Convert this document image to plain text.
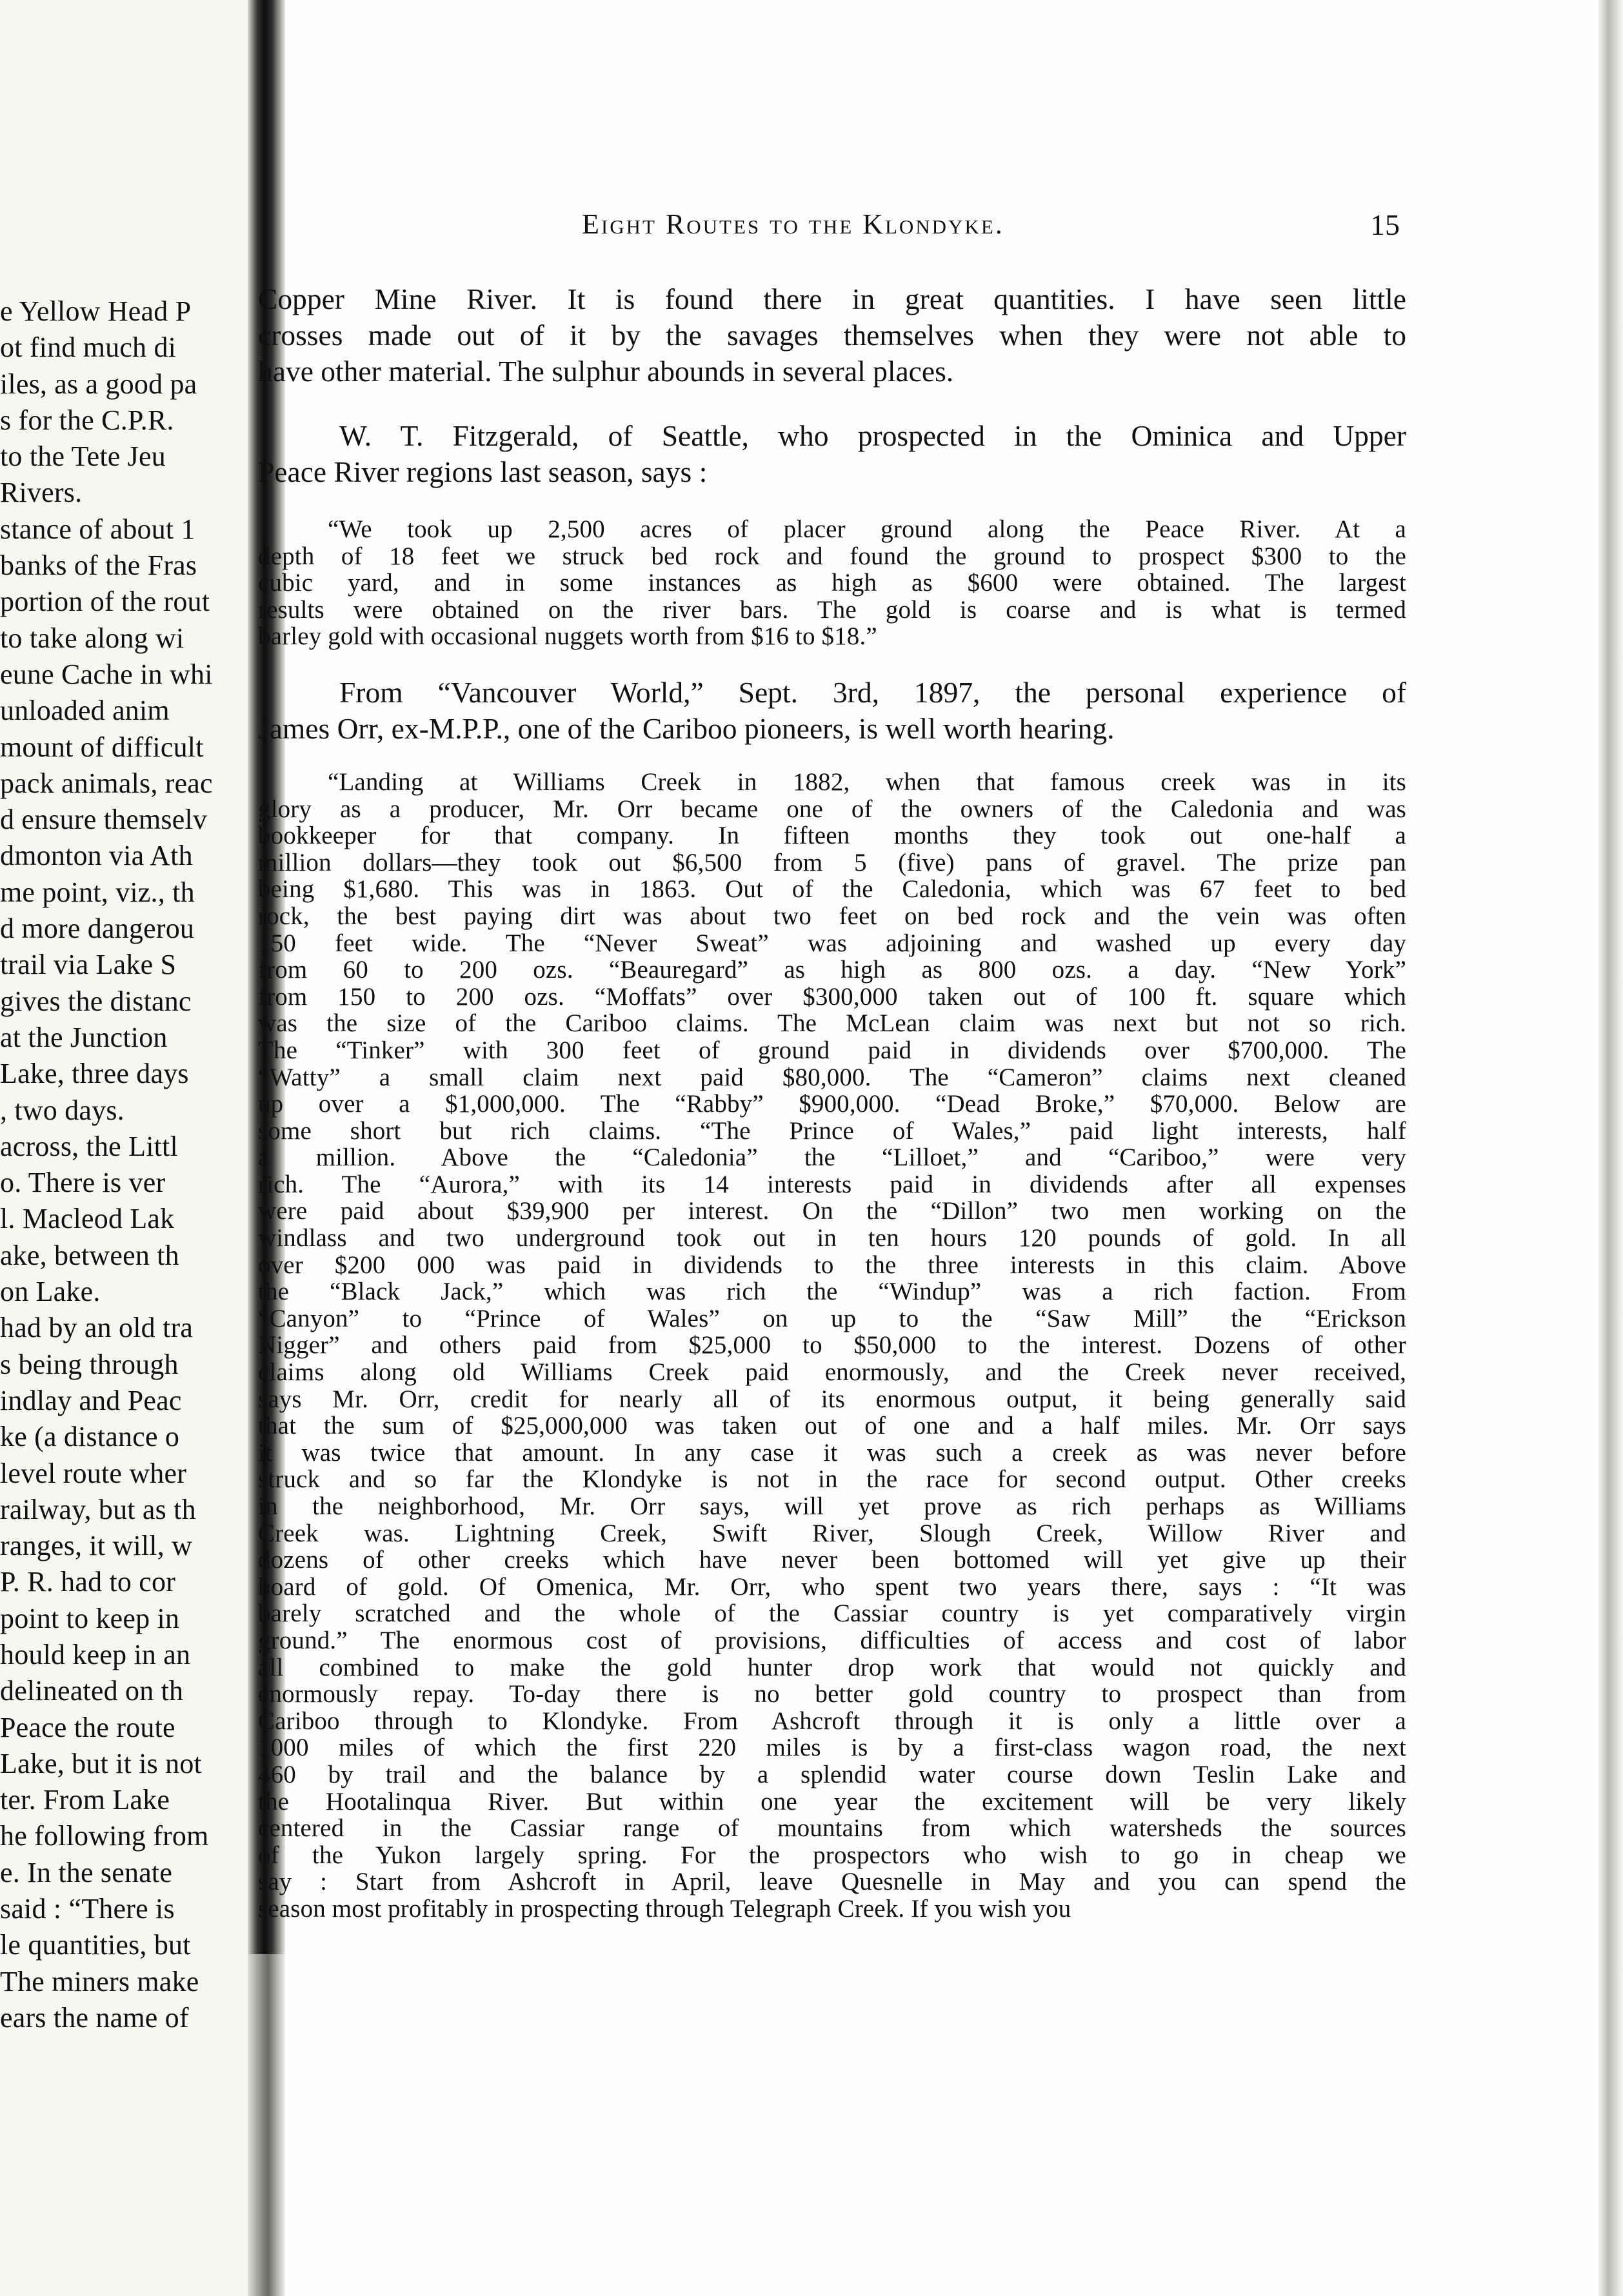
e Yellow Head P
ot find much di
iles, as a good pa
s for the C.P.R.
to the Tete Jeu
Rivers.
stance of about 1
banks of the Fras
portion of the rout
to take along wi
eune Cache in whi
unloaded anim
mount of difficult
pack animals, reac
d ensure themselv
dmonton via Ath
me point, viz., th
d more dangerou
trail via Lake S
gives the distanc
at the Junction
Lake, three days
, two days.
across, the Littl
o. There is ver
l. Macleod Lak
ake, between th
on Lake.
had by an old tra
s being through
indlay and Peac
ke (a distance o
level route wher
railway, but as th
ranges, it will, w
P. R. had to cor
point to keep in
hould keep in an
delineated on th
Peace the route
Lake, but it is not
ter. From Lake
he following from
e. In the senate
said : “There is
le quantities, but
The miners make
ears the name of
Eight Routes to the Klondyke.	15

Copper Mine River. It is found there in great quantities. I have seen little
crosses made out of it by the savages themselves when they were not able to
have other material. The sulphur abounds in several places.

W. T. Fitzgerald, of Seattle, who prospected in the Ominica and Upper
Peace River regions last season, says :

“We took up 2,500 acres of placer ground along the Peace River. At a
depth of 18 feet we struck bed rock and found the ground to prospect $300 to the
cubic yard, and in some instances as high as $600 were obtained. The largest
results were obtained on the river bars. The gold is coarse and is what is termed
barley gold with occasional nuggets worth from $16 to $18.”

From “Vancouver World,” Sept. 3rd, 1897, the personal experience of
James Orr, ex-M.P.P., one of the Cariboo pioneers, is well worth hearing.

“Landing at Williams Creek in 1882, when that famous creek was in its
glory as a producer, Mr. Orr became one of the owners of the Caledonia and was
bookkeeper for that company. In fifteen months they took out one-half a
million dollars—they took out $6,500 from 5 (five) pans of gravel. The prize pan
being $1,680. This was in 1863. Out of the Caledonia, which was 67 feet to bed
rock, the best paying dirt was about two feet on bed rock and the vein was often
150 feet wide. The “Never Sweat” was adjoining and washed up every day
from 60 to 200 ozs. “Beauregard” as high as 800 ozs. a day. “New York”
from 150 to 200 ozs. “Moffats” over $300,000 taken out of 100 ft. square which
was the size of the Cariboo claims. The McLean claim was next but not so rich.
The “Tinker” with 300 feet of ground paid in dividends over $700,000. The
“Watty” a small claim next paid $80,000. The “Cameron” claims next cleaned
up over a $1,000,000. The “Rabby” $900,000. “Dead Broke,” $70,000. Below are
some short but rich claims. “The Prince of Wales,” paid light interests, half
a million. Above the “Caledonia” the “Lilloet,” and “Cariboo,” were very
rich. The “Aurora,” with its 14 interests paid in dividends after all expenses
were paid about $39,900 per interest. On the “Dillon” two men working on the
windlass and two underground took out in ten hours 120 pounds of gold. In all
over $200 000 was paid in dividends to the three interests in this claim. Above
the “Black Jack,” which was rich the “Windup” was a rich faction. From
“Canyon” to “Prince of Wales” on up to the “Saw Mill” the “Erickson
Nigger” and others paid from $25,000 to $50,000 to the interest. Dozens of other
claims along old Williams Creek paid enormously, and the Creek never received,
says Mr. Orr, credit for nearly all of its enormous output, it being generally said
that the sum of $25,000,000 was taken out of one and a half miles. Mr. Orr says
it was twice that amount. In any case it was such a creek as was never before
struck and so far the Klondyke is not in the race for second output. Other creeks
in the neighborhood, Mr. Orr says, will yet prove as rich perhaps as Williams
Creek was. Lightning Creek, Swift River, Slough Creek, Willow River and
dozens of other creeks which have never been bottomed will yet give up their
hoard of gold. Of Omenica, Mr. Orr, who spent two years there, says : “It was
barely scratched and the whole of the Cassiar country is yet comparatively virgin
ground.” The enormous cost of provisions, difficulties of access and cost of labor
all combined to make the gold hunter drop work that would not quickly and
enormously repay. To-day there is no better gold country to prospect than from
Cariboo through to Klondyke. From Ashcroft through it is only a little over a
1000 miles of which the first 220 miles is by a first-class wagon road, the next
460 by trail and the balance by a splendid water course down Teslin Lake and
the Hootalinqua River. But within one year the excitement will be very likely
centered in the Cassiar range of mountains from which watersheds the sources
of the Yukon largely spring. For the prospectors who wish to go in cheap we
say : Start from Ashcroft in April, leave Quesnelle in May and you can spend the
season most profitably in prospecting through Telegraph Creek. If you wish you
